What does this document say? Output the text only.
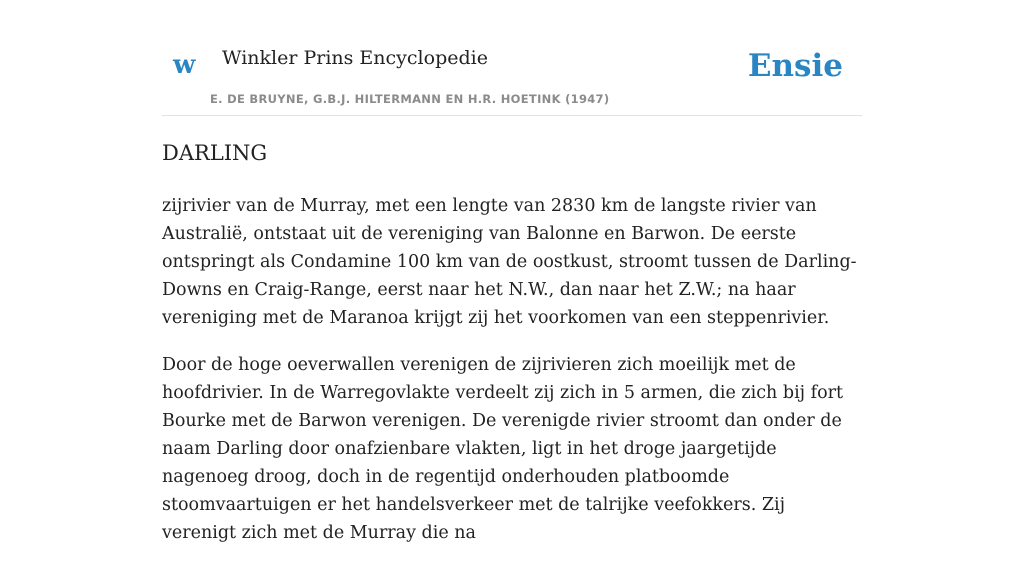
w Winkler Prins Encyclopedie
E. DE BRUYNE, G.B.J. HILTERMANN EN H.R. HOETINK (1947)
Ensie
DARLING

zijrivier van de Murray, met een lengte van 2830 km de langste rivier van Australië, ontstaat uit de vereniging van Balonne en Barwon. De eerste ontspringt als Condamine 100 km van de oostkust, stroomt tussen de Darling-Downs en Craig-Range, eerst naar het N.W., dan naar het Z.W.; na haar vereniging met de Maranoa krijgt zij het voorkomen van een steppenrivier.

Door de hoge oeverwallen verenigen de zijrivieren zich moeilijk met de hoofdrivier. In de Warregovlakte verdeelt zij zich in 5 armen, die zich bij fort Bourke met de Barwon verenigen. De verenigde rivier stroomt dan onder de naam Darling door onafzienbare vlakten, ligt in het droge jaargetijde nagenoeg droog, doch in de regentijd onderhouden platboomde stoomvaartuigen er het handelsverkeer met de talrijke veefokkers. Zij verenigt zich met de Murray die na
